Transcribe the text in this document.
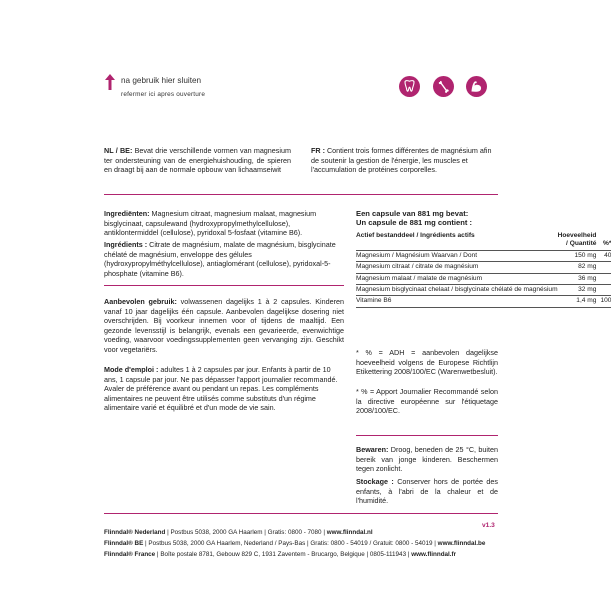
na gebruik hier sluiten
refermer ici apres ouverture
NL / BE: Bevat drie verschillende vormen van magnesium ter ondersteuning van de energiehuishouding, de spieren en draagt bij aan de normale opbouw van lichaamseiwit
FR : Contient trois formes différentes de magnésium afin de soutenir la gestion de l'énergie, les muscles et l'accumulation de protéines corporelles.
Ingrediënten: Magnesium citraat, magnesium malaat, magnesium bisglycinaat, capsulewand (hydroxypropylmethylcellulose), antiklontermiddel (cellulose), pyridoxal 5-fosfaat (vitamine B6).
Ingrédients : Citrate de magnésium, malate de magnésium, bisglycinate chélaté de magnésium, enveloppe des gélules (hydroxypropylméthylcellulose), antiaglomérant (cellulose), pyridoxal-5-phosphate (vitamine B6).
Een capsule van 881 mg bevat:
Un capsule de 881 mg contient :
Actief bestanddeel / Ingrédients actifs	Hoeveelheid / Quantité	%*
Magnesium / Magnésium Waarvan / Dont	150 mg	40
Magnesium citraat / citrate de magnésium	82 mg	
Magnesium malaat / malate de magnésium	36 mg	
Magnesium bisglycinaat chelaat / bisglycinate chélaté de magnésium	32 mg	
Vitamine B6	1,4 mg	100
* % = ADH = aanbevolen dagelijkse hoeveelheid volgens de Europese Richtlijn Etikettering 2008/100/EC (Warenwetbesluit).
* % = Apport Journalier Recommandé selon la directive européenne sur l'étiquetage 2008/100/EC.
Aanbevolen gebruik: volwassenen dagelijks 1 à 2 capsules. Kinderen vanaf 10 jaar dagelijks één capsule. Aanbevolen dagelijkse dosering niet overschrijden. Bij voorkeur innemen voor of tijdens de maaltijd. Een gezonde levensstijl is belangrijk, evenals een gevarieerde, evenwichtige voeding, waarvoor voedingssupplementen geen vervanging zijn. Geschikt voor vegetariërs.
Mode d'emploi : adultes 1 à 2 capsules par jour. Enfants à partir de 10 ans, 1 capsule par jour. Ne pas dépasser l'apport journalier recommandé. Avaler de préférence avant ou pendant un repas. Les compléments alimentaires ne peuvent être utilisés comme substituts d'un régime alimentaire varié et équilibré et d'un mode de vie sain.
Bewaren: Droog, beneden de 25 °C, buiten bereik van jonge kinderen. Beschermen tegen zonlicht.
Stockage : Conserver hors de portée des enfants, à l'abri de la chaleur et de l'humidité.
v1.3
Flinndal® Nederland | Postbus 5038, 2000 GA Haarlem | Gratis: 0800 - 7080 | www.flinndal.nl
Flinndal® BE | Postbus 5038, 2000 GA Haarlem, Nederland / Pays-Bas | Gratis: 0800 - 54019 / Gratuit: 0800 - 54019 | www.flinndal.be
Flinndal® France | Boîte postale 8781, Gebouw 829 C, 1931 Zaventem - Brucargo, Belgique | 0805-111943 | www.flinndal.fr
